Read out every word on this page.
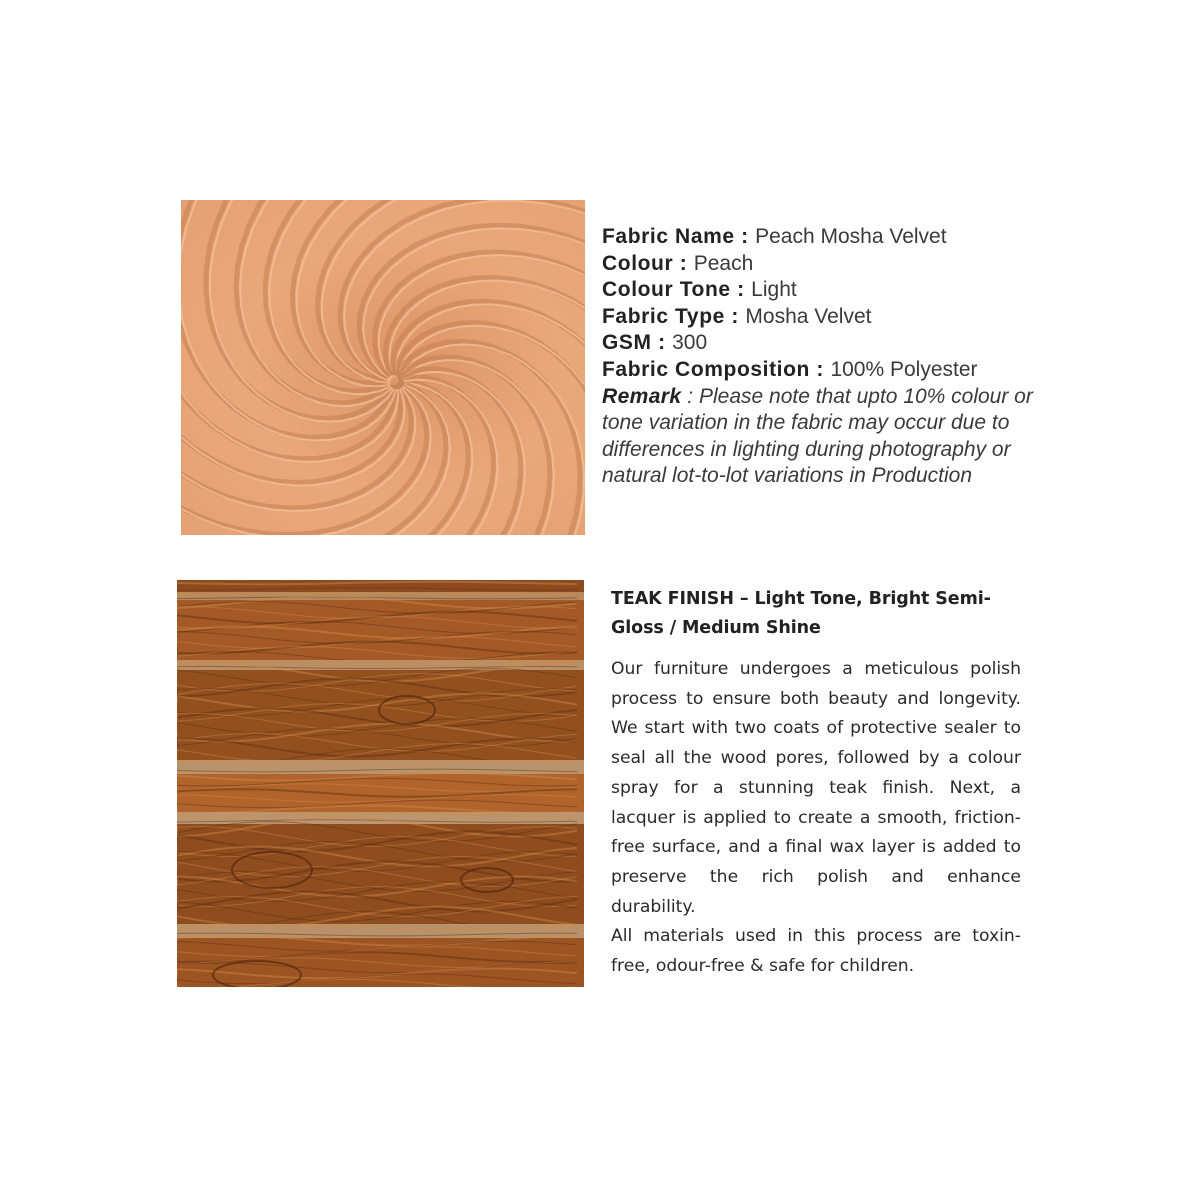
Fabric Name : Peach Mosha Velvet
Colour : Peach
Colour Tone : Light
Fabric Type : Mosha Velvet
GSM : 300
Fabric Composition : 100% Polyester
Remark : Please note that upto 10% colour or tone variation in the fabric may occur due to differences in lighting during photography or natural lot-to-lot variations in Production
TEAK FINISH – Light Tone, Bright Semi-Gloss / Medium Shine

Our furniture undergoes a meticulous polish process to ensure both beauty and longevity. We start with two coats of protective sealer to seal all the wood pores, followed by a colour spray for a stunning teak finish. Next, a lacquer is applied to create a smooth, friction-free surface, and a final wax layer is added to preserve the rich polish and enhance durability.

All materials used in this process are toxin-free, odour-free & safe for children.
